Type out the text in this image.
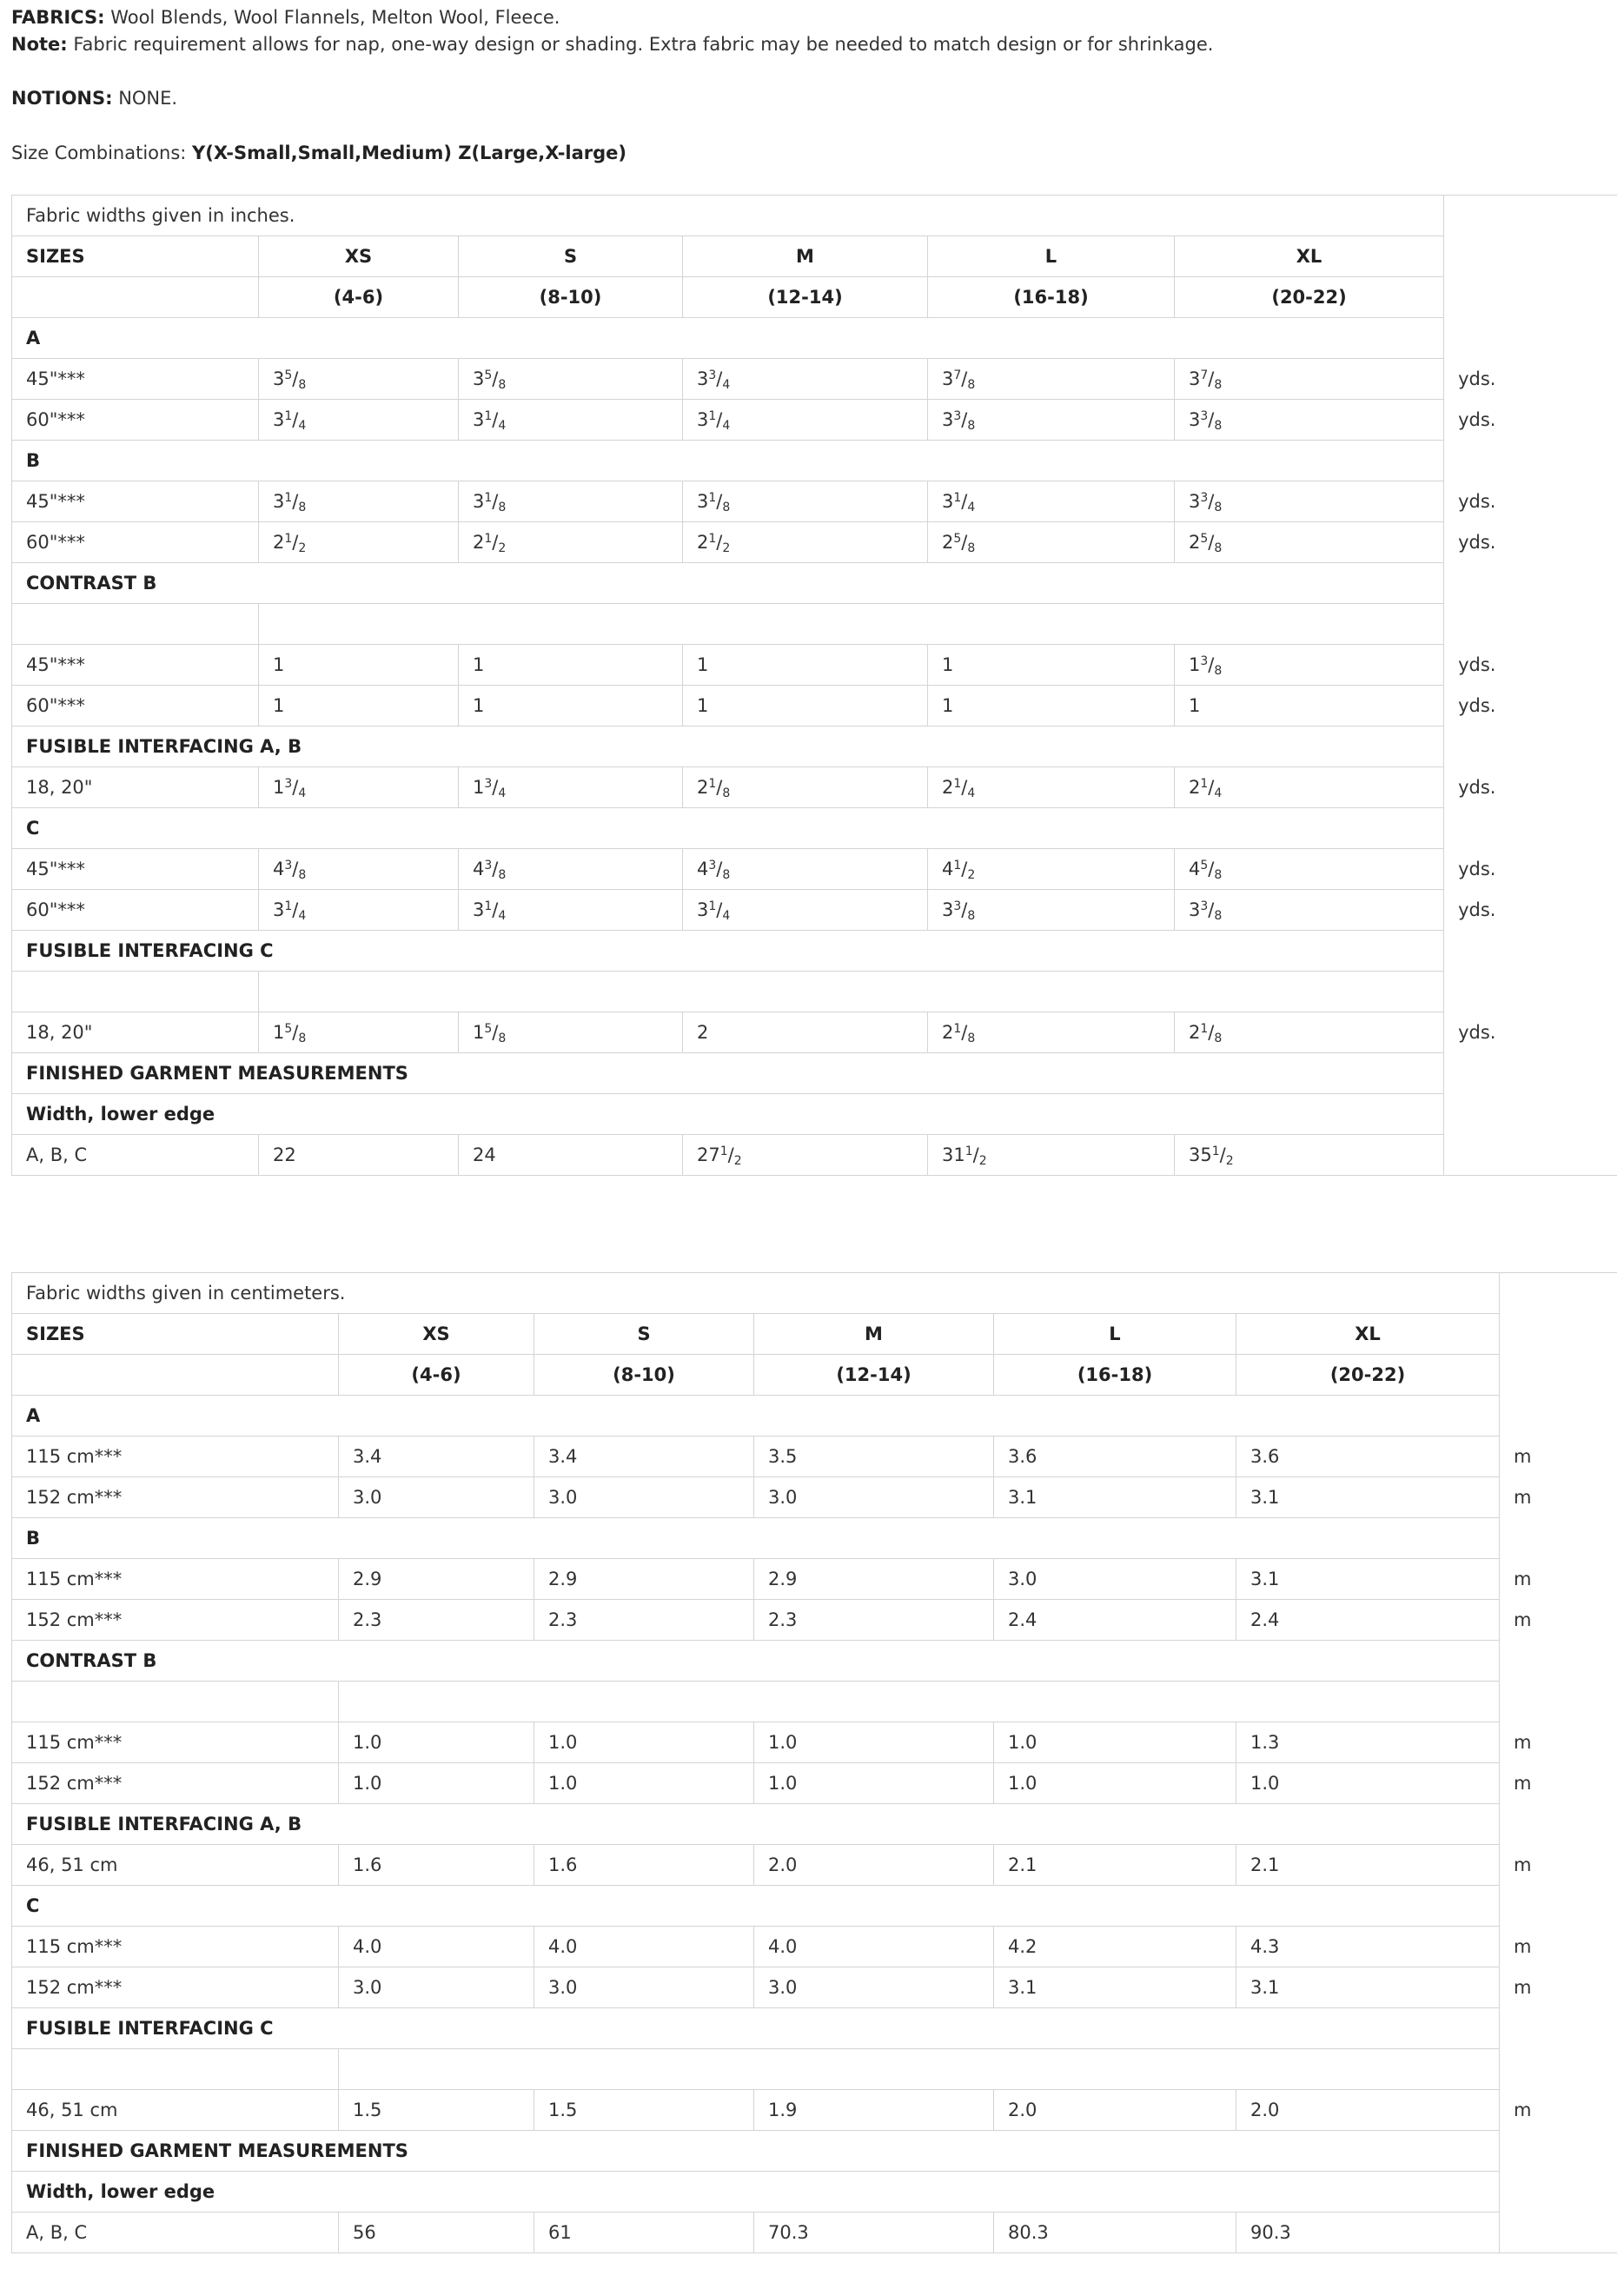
FABRICS: Wool Blends, Wool Flannels, Melton Wool, Fleece.

Note: Fabric requirement allows for nap, one-way design or shading. Extra fabric may be needed to match design or for shrinkage.

NOTIONS: NONE.

Size Combinations: Y(X-Small,Small,Medium) Z(Large,X-large)

Fabric widths given in inches.						
SIZES	XS	S	M	L	XL	
	(4-6)	(8-10)	(12-14)	(16-18)	(20-22)	
A						
45"***	$3^5/_8$	$3^5/_8$	$3^3/_4$	$3^7/_8$	$3^7/_8$	yds.
60"***	$3^1/_4$	$3^1/_4$	$3^1/_4$	$3^3/_8$	$3^3/_8$	yds.
B						
45"***	$3^1/_8$	$3^1/_8$	$3^1/_8$	$3^1/_4$	$3^3/_8$	yds.
60"***	$2^1/_2$	$2^1/_2$	$2^1/_2$	$2^5/_8$	$2^5/_8$	yds.
CONTRAST B						

45"***	1	1	1	1	$1^3/_8$	yds.
60"***	1	1	1	1	1	yds.
FUSIBLE INTERFACING A, B						
18, 20"	$1^3/_4$	$1^3/_4$	$2^1/_8$	$2^1/_4$	$2^1/_4$	yds.
C						
45"***	$4^3/_8$	$4^3/_8$	$4^3/_8$	$4^1/_2$	$4^5/_8$	yds.
60"***	$3^1/_4$	$3^1/_4$	$3^1/_4$	$3^3/_8$	$3^3/_8$	yds.
FUSIBLE INTERFACING C						

18, 20"	$1^5/_8$	$1^5/_8$	2	$2^1/_8$	$2^1/_8$	yds.
FINISHED GARMENT MEASUREMENTS						
Width, lower edge						
A, B, C	22	24	$27^1/_2$	$31^1/_2$	$35^1/_2$	
Fabric widths given in centimeters.						
SIZES	XS	S	M	L	XL	
	(4-6)	(8-10)	(12-14)	(16-18)	(20-22)	
A						
115 cm***	3.4	3.4	3.5	3.6	3.6	m
152 cm***	3.0	3.0	3.0	3.1	3.1	m
B						
115 cm***	2.9	2.9	2.9	3.0	3.1	m
152 cm***	2.3	2.3	2.3	2.4	2.4	m
CONTRAST B						

115 cm***	1.0	1.0	1.0	1.0	1.3	m
152 cm***	1.0	1.0	1.0	1.0	1.0	m
FUSIBLE INTERFACING A, B						
46, 51 cm	1.6	1.6	2.0	2.1	2.1	m
C						
115 cm***	4.0	4.0	4.0	4.2	4.3	m
152 cm***	3.0	3.0	3.0	3.1	3.1	m
FUSIBLE INTERFACING C						

46, 51 cm	1.5	1.5	1.9	2.0	2.0	m
FINISHED GARMENT MEASUREMENTS						
Width, lower edge						
A, B, C	56	61	70.3	80.3	90.3	
